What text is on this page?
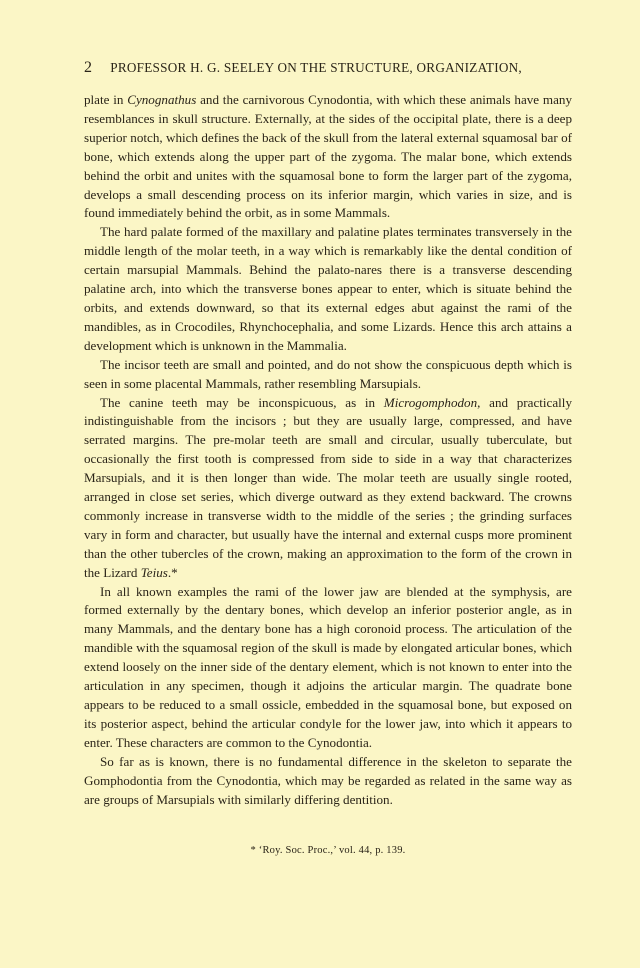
2 PROFESSOR H. G. SEELEY ON THE STRUCTURE, ORGANIZATION,

plate in Cynognathus and the carnivorous Cynodontia, with which these animals have many resemblances in skull structure. Externally, at the sides of the occipital plate, there is a deep superior notch, which defines the back of the skull from the lateral external squamosal bar of bone, which extends along the upper part of the zygoma. The malar bone, which extends behind the orbit and unites with the squamosal bone to form the larger part of the zygoma, develops a small descending process on its inferior margin, which varies in size, and is found immediately behind the orbit, as in some Mammals.

The hard palate formed of the maxillary and palatine plates terminates transversely in the middle length of the molar teeth, in a way which is remarkably like the dental condition of certain marsupial Mammals. Behind the palato-nares there is a transverse descending palatine arch, into which the transverse bones appear to enter, which is situate behind the orbits, and extends downward, so that its external edges abut against the rami of the mandibles, as in Crocodiles, Rhynchocephalia, and some Lizards. Hence this arch attains a development which is unknown in the Mammalia.

The incisor teeth are small and pointed, and do not show the conspicuous depth which is seen in some placental Mammals, rather resembling Marsupials.

The canine teeth may be inconspicuous, as in Microgomphodon, and practically indistinguishable from the incisors ; but they are usually large, compressed, and have serrated margins. The pre-molar teeth are small and circular, usually tuberculate, but occasionally the first tooth is compressed from side to side in a way that characterizes Marsupials, and it is then longer than wide. The molar teeth are usually single rooted, arranged in close set series, which diverge outward as they extend backward. The crowns commonly increase in transverse width to the middle of the series ; the grinding surfaces vary in form and character, but usually have the internal and external cusps more prominent than the other tubercles of the crown, making an approximation to the form of the crown in the Lizard Teius.*

In all known examples the rami of the lower jaw are blended at the symphysis, are formed externally by the dentary bones, which develop an inferior posterior angle, as in many Mammals, and the dentary bone has a high coronoid process. The articulation of the mandible with the squamosal region of the skull is made by elongated articular bones, which extend loosely on the inner side of the dentary element, which is not known to enter into the articulation in any specimen, though it adjoins the articular margin. The quadrate bone appears to be reduced to a small ossicle, embedded in the squamosal bone, but exposed on its posterior aspect, behind the articular condyle for the lower jaw, into which it appears to enter. These characters are common to the Cynodontia.

So far as is known, there is no fundamental difference in the skeleton to separate the Gomphodontia from the Cynodontia, which may be regarded as related in the same way as are groups of Marsupials with similarly differing dentition.

* ‘Roy. Soc. Proc.,’ vol. 44, p. 139.
